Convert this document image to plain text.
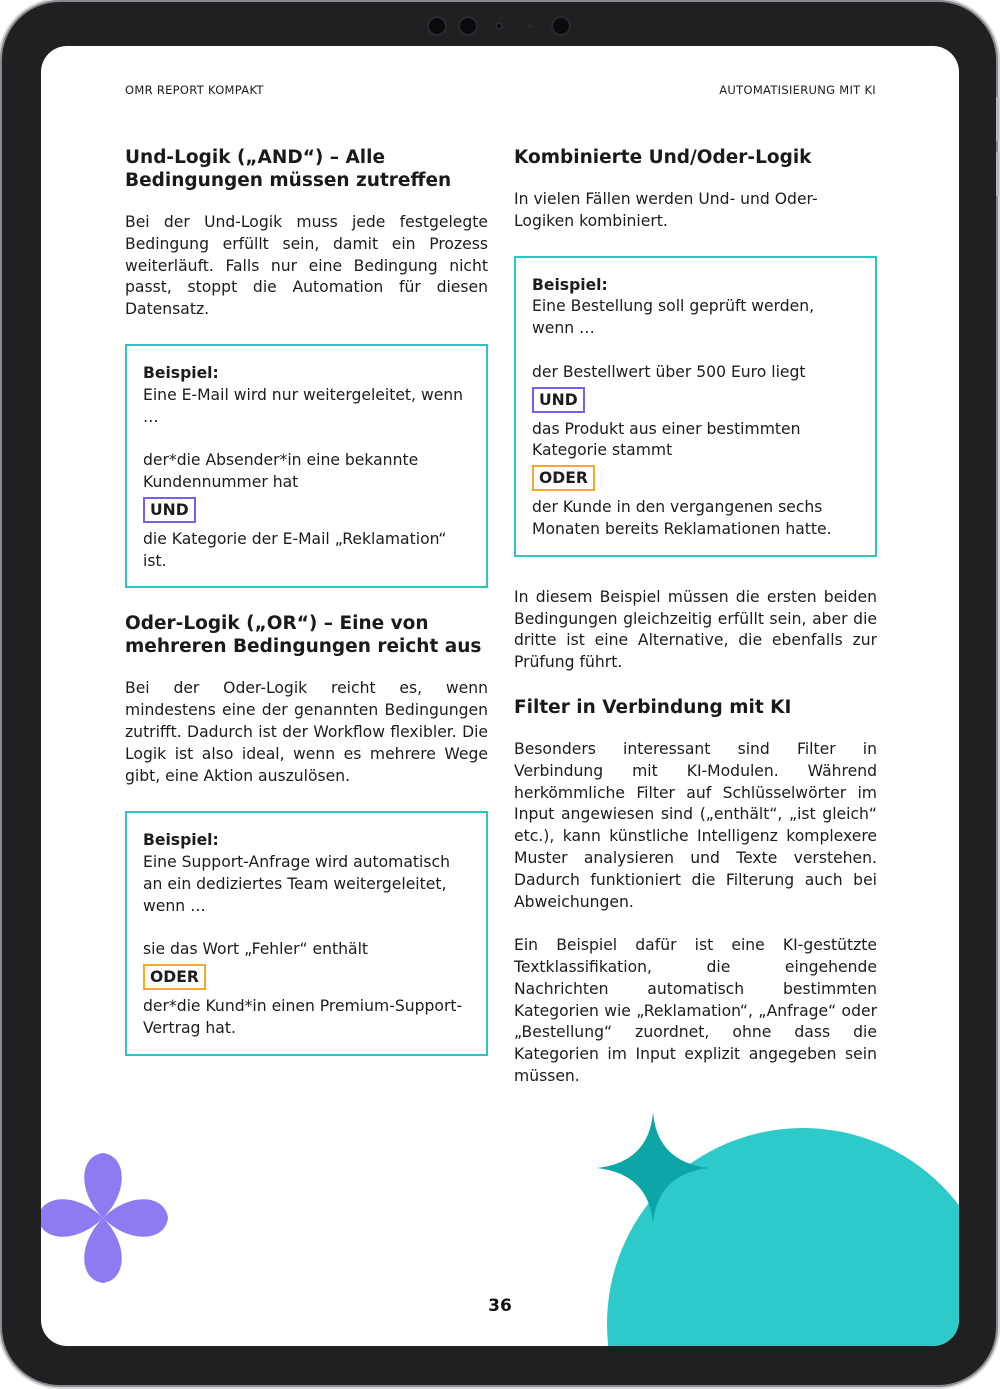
OMR REPORT KOMPAKT	AUTOMATISIERUNG MIT KI
Und-Logik („AND“) – Alle Bedingungen müssen zutreffen

Bei der Und-Logik muss jede festgelegte Bedingung erfüllt sein, damit ein Prozess weiterläuft. Falls nur eine Bedingung nicht passt, stoppt die Automation für diesen Datensatz.

Beispiel:
Eine E-Mail wird nur weitergeleitet, wenn …
der*die Absender*in eine bekannte Kundennummer hat
UND
die Kategorie der E-Mail „Reklamation“ ist.
Oder-Logik („OR“) – Eine von mehreren Bedingungen reicht aus

Bei der Oder-Logik reicht es, wenn mindestens eine der genannten Bedingungen zutrifft. Dadurch ist der Workflow flexibler. Die Logik ist also ideal, wenn es mehrere Wege gibt, eine Aktion auszulösen.

Beispiel:
Eine Support-Anfrage wird automatisch an ein dediziertes Team weitergeleitet, wenn …
sie das Wort „Fehler“ enthält
ODER
der*die Kund*in einen Premium-Support-Vertrag hat.
Kombinierte Und/Oder-Logik

In vielen Fällen werden Und- und Oder-Logiken kombiniert.

Beispiel:
Eine Bestellung soll geprüft werden, wenn …
der Bestellwert über 500 Euro liegt
UND
das Produkt aus einer bestimmten Kategorie stammt
ODER
der Kunde in den vergangenen sechs Monaten bereits Reklamationen hatte.

In diesem Beispiel müssen die ersten beiden Bedingungen gleichzeitig erfüllt sein, aber die dritte ist eine Alternative, die ebenfalls zur Prüfung führt.

Filter in Verbindung mit KI

Besonders interessant sind Filter in Verbindung mit KI-Modulen. Während herkömmliche Filter auf Schlüsselwörter im Input angewiesen sind („enthält“, „ist gleich“ etc.), kann künstliche Intelligenz komplexere Muster analysieren und Texte verstehen. Dadurch funktioniert die Filterung auch bei Abweichungen.

Ein Beispiel dafür ist eine KI-gestützte Textklassifikation, die eingehende Nachrichten automatisch bestimmten Kategorien wie „Reklamation“, „Anfrage“ oder „Bestellung“ zuordnet, ohne dass die Kategorien im Input explizit angegeben sein müssen.

36
